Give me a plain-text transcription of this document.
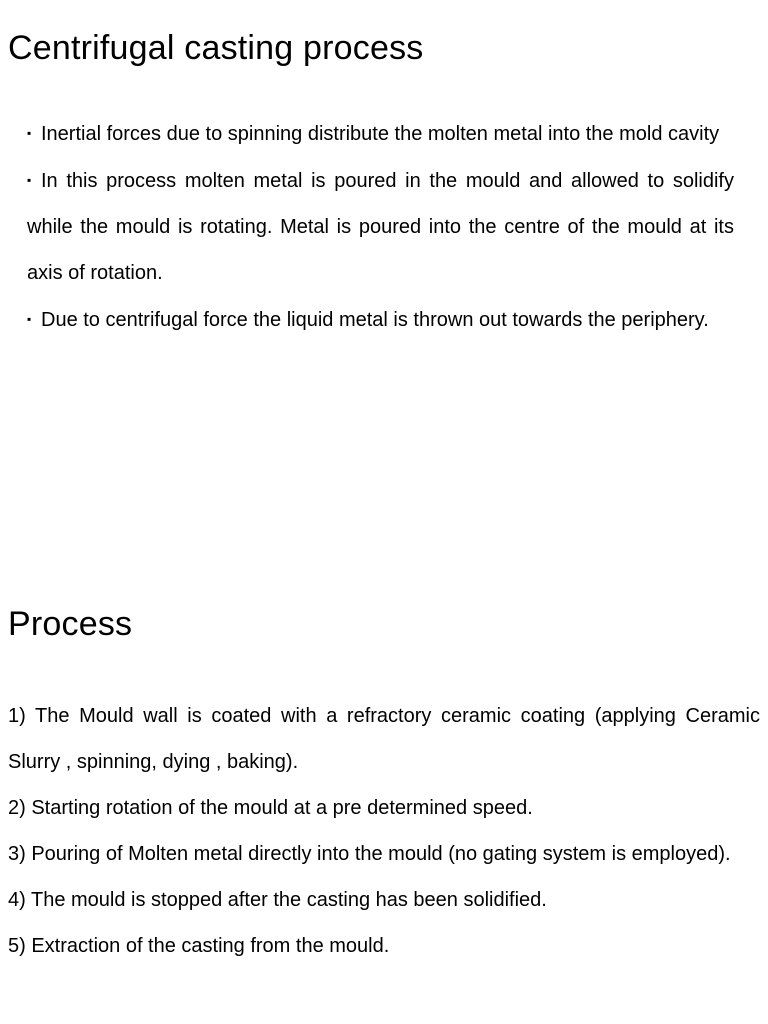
Centrifugal casting process
▪ Inertial forces due to spinning distribute the molten metal into the mold cavity
▪ In this process molten metal is poured in the mould and allowed to solidify while the mould is rotating. Metal is poured into the centre of the mould at its axis of rotation.
▪ Due to centrifugal force the liquid metal is thrown out towards the periphery.
Process
1) The Mould wall is coated with a refractory ceramic coating (applying Ceramic Slurry , spinning, dying , baking).
2) Starting rotation of the mould at a pre determined speed.
3) Pouring of Molten metal directly into the mould (no gating system is employed).
4) The mould is stopped after the casting has been solidified.
5) Extraction of the casting from the mould.
